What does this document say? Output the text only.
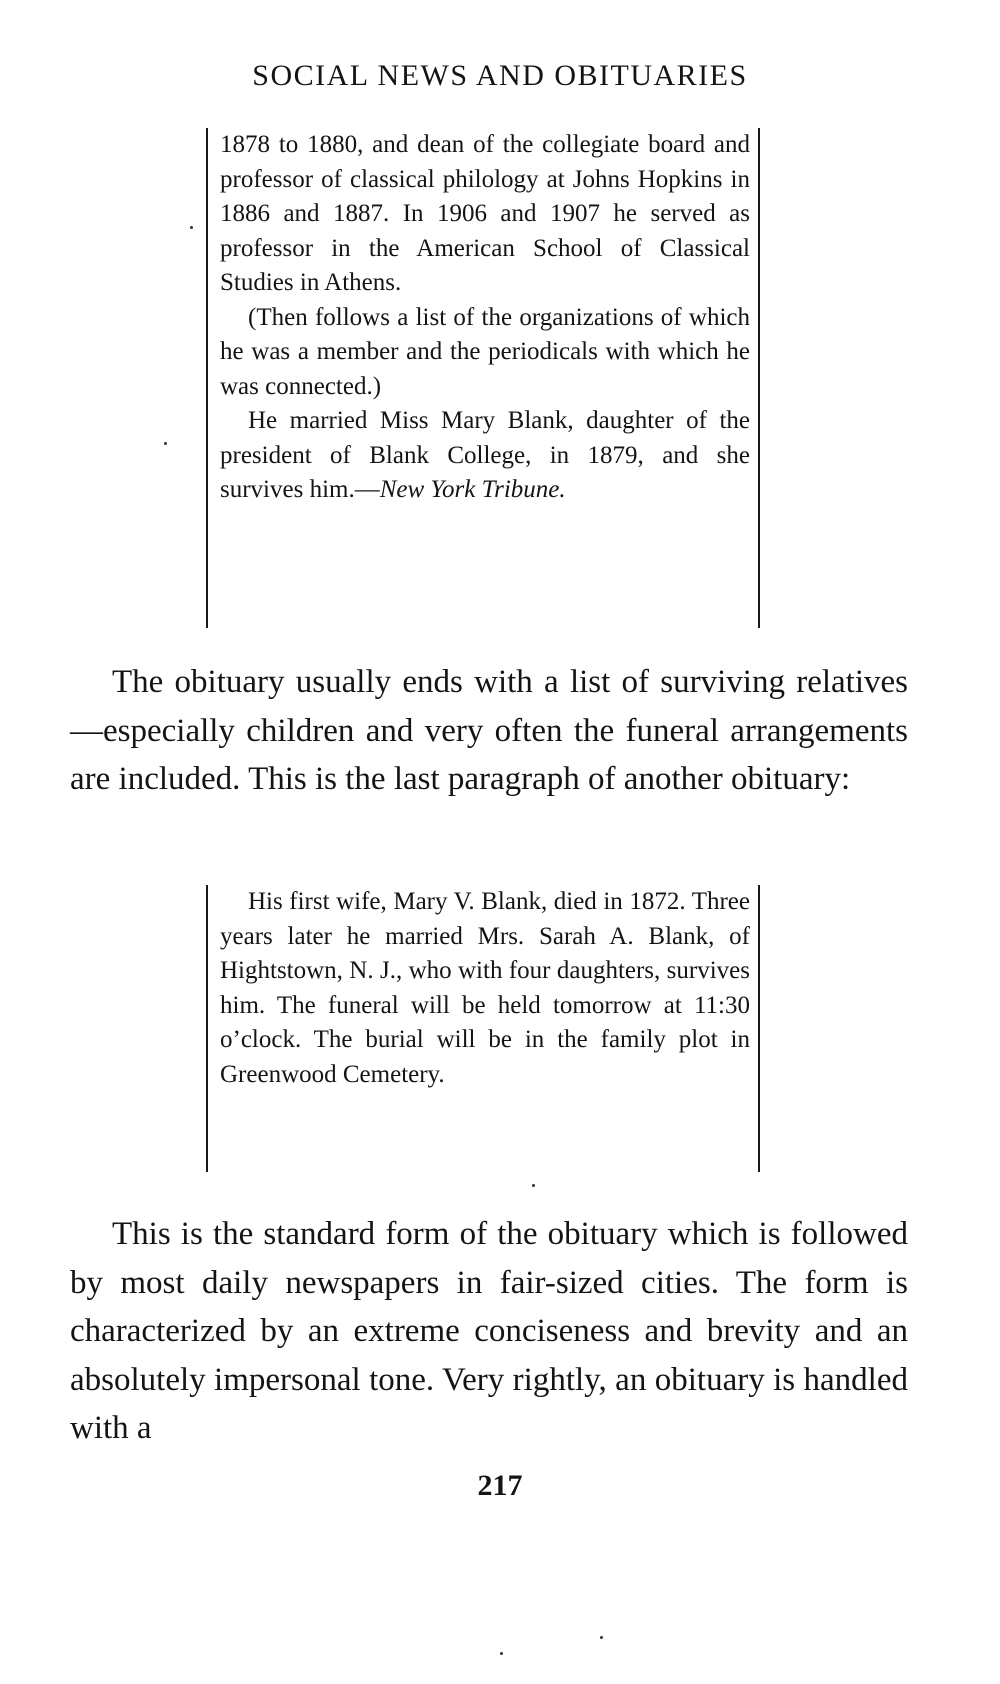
SOCIAL NEWS AND OBITUARIES

1878 to 1880, and dean of the collegiate board and professor of classical philology at Johns Hopkins in 1886 and 1887. In 1906 and 1907 he served as professor in the American School of Classical Studies in Athens.

(Then follows a list of the organizations of which he was a member and the periodicals with which he was connected.)

He married Miss Mary Blank, daughter of the president of Blank College, in 1879, and she survives him.—New York Tribune.

The obituary usually ends with a list of surviving relatives—especially children and very often the funeral arrangements are included. This is the last paragraph of another obituary:

His first wife, Mary V. Blank, died in 1872. Three years later he married Mrs. Sarah A. Blank, of Hightstown, N. J., who with four daughters, survives him. The funeral will be held tomorrow at 11:30 o’clock. The burial will be in the family plot in Greenwood Cemetery.

This is the standard form of the obituary which is followed by most daily newspapers in fair-sized cities. The form is characterized by an extreme conciseness and brevity and an absolutely impersonal tone. Very rightly, an obituary is handled with a

217
